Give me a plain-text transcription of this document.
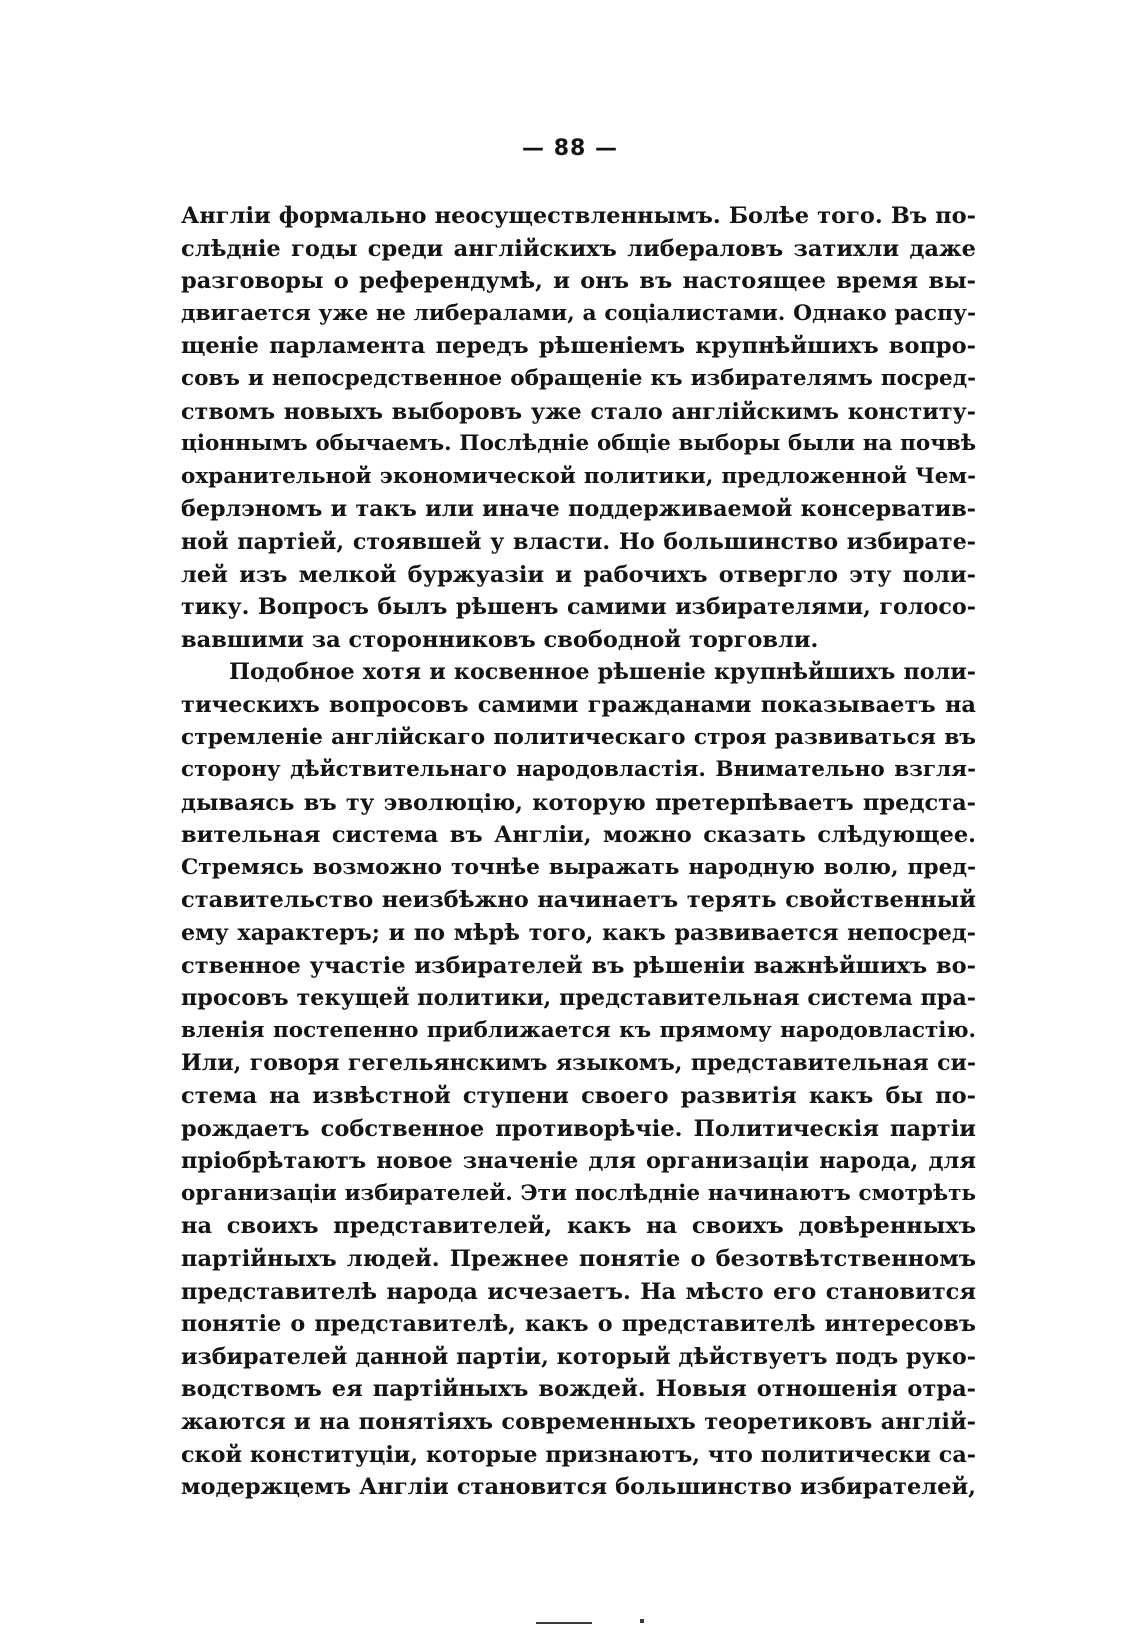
— 88 —

Англiи формально неосуществленнымъ. Болѣе того. Въ по-
слѣднie годы среди англiйскихъ либераловъ затихли даже
разговоры о референдумѣ, и онъ въ настоящее время вы-
двигается уже не либералами, а соцiалистами. Однако распу-
щенie парламента передъ рѣшенiемъ крупнѣйшихъ вопро-
совъ и непосредственное обращенie къ избирателямъ посред-
ствомъ новыхъ выборовъ уже стало англiйскимъ конститу-
цiоннымъ обычаемъ. Послѣднie общiе выборы были на почвѣ
охранительной экономической политики, предложенной Чем-
берлэномъ и такъ или иначе поддерживаемой консерватив-
ной партiей, стоявшей у власти. Но большинство избирате-
лей изъ мелкой буржуазiи и рабочихъ отвергло эту поли-
тику. Вопросъ былъ рѣшенъ самими избирателями, голосо-
вавшими за сторонниковъ свободной торговли.

Подобное хотя и косвенное рѣшенie крупнѣйшихъ поли-
тическихъ вопросовъ самими гражданами показываетъ на
стремленie англiйскаго политическаго строя развиваться въ
сторону дѣйствительнаго народовластiя. Внимательно взгля-
дываясь въ ту эволюцiю, которую претерпѣваетъ предста-
вительная система въ Англiи, можно сказать слѣдующее.
Стремясь возможно точнѣе выражать народную волю, пред-
ставительство неизбѣжно начинаетъ терять свойственный
ему характеръ; и по мѣрѣ того, какъ развивается непосред-
ственное участiе избирателей въ рѣшенiи важнѣйшихъ во-
просовъ текущей политики, представительная система пра-
вленiя постепенно приближается къ прямому народовластiю.
Или, говоря гегельянскимъ языкомъ, представительная си-
стема на извѣстной ступени своего развитiя какъ бы по-
рождаетъ собственное противорѣчie. Политическiя партiи
прiобрѣтаютъ новое значенie для организацiи народа, для
организацiи избирателей. Эти послѣднie начинаютъ смотрѣть
на своихъ представителей, какъ на своихъ довѣренныхъ
партiйныхъ людей. Прежнее понятie о безотвѣтственномъ
представителѣ народа исчезаетъ. На мѣсто его становится
понятie о представителѣ, какъ о представителѣ интересовъ
избирателей данной партiи, который дѣйствуетъ подъ руко-
водствомъ ея партiйныхъ вождей. Новыя отношенiя отра-
жаются и на понятiяхъ современныхъ теоретиковъ англiй-
ской конституцiи, которые признаютъ, что политически са-
модержцемъ Англiи становится большинство избирателей,
